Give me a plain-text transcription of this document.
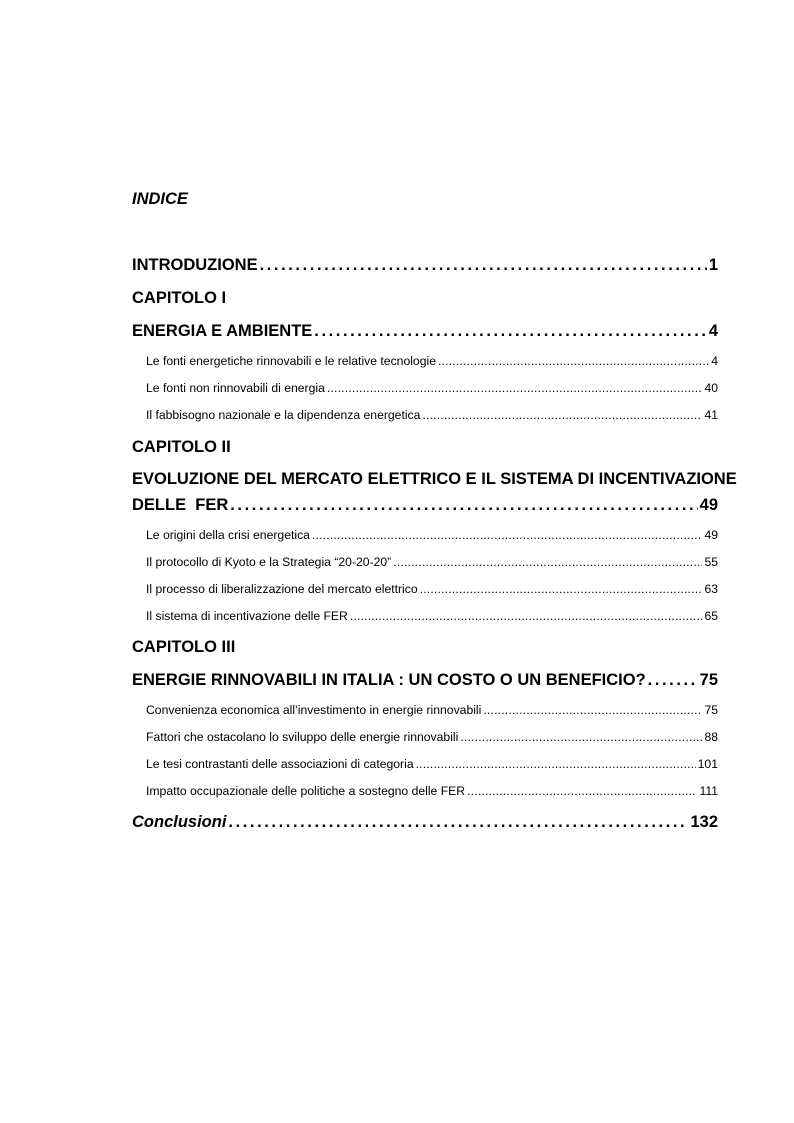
INDICE
INTRODUZIONE . . .	1
CAPITOLO I
ENERGIA E AMBIENTE . . .	4
Le fonti energetiche rinnovabili e le relative tecnologie . . .	4
Le fonti non rinnovabili di energia . . .	40
Il fabbisogno nazionale e la dipendenza energetica . . .	41
CAPITOLO II
EVOLUZIONE DEL MERCATO ELETTRICO E IL SISTEMA DI INCENTIVAZIONE
DELLE  FER . . .	49
Le origini della crisi energetica . . .	49
Il protocollo di Kyoto e la Strategia “20-20-20” . . .	55
Il processo di liberalizzazione del mercato elettrico . . .	63
Il sistema di incentivazione delle FER . . .	65
CAPITOLO III
ENERGIE RINNOVABILI IN ITALIA : UN COSTO O UN BENEFICIO? . . .	75
Convenienza economica all’investimento in energie rinnovabili . . .	75
Fattori che ostacolano lo sviluppo delle energie rinnovabili . . .	88
Le tesi contrastanti delle associazioni di categoria . . .	101
Impatto occupazionale delle politiche a sostegno delle FER . . .	111
Conclusioni . . .	132
